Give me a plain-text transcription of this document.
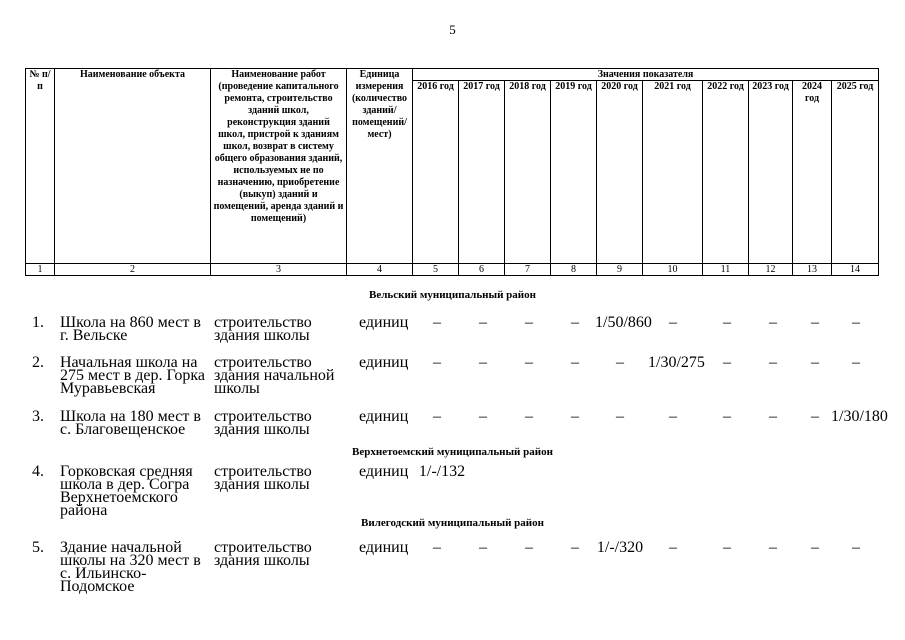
5
№ п/п	Наименование объекта	Наименование работ (проведение капитального ремонта, строительство зданий школ, реконструкция зданий школ, пристрой к зданиям школ, возврат в систему общего образования зданий, используемых не по назначению, приобретение (выкуп) зданий и помещений, аренда зданий и помещений)	Единица измерения (количество зданий/ помещений/ мест)	Значения показателя									
				2016 год	2017 год	2018 год	2019 год	2020 год	2021 год	2022 год	2023 год	2024 год	2025 год
1	2	3	4	5	6	7	8	9	10	11	12	13	14
Вельский муниципальный район
1. Школа на 860 мест в г. Вельске
строительство здания школы
единиц	–	–	–	–	1/50/860	–	–	–	–	–
2. Начальная школа на 275 мест в дер. Горка Муравьевская
строительство здания начальной школы
единиц	–	–	–	–	–	1/30/275	–	–	–	–
3. Школа на 180 мест в с. Благовещенское
строительство здания школы
единиц	–	–	–	–	–	–	–	–	– 1/30/180
Верхнетоемский муниципальный район
4. Горковская средняя школа в дер. Согра Верхнетоемского района
строительство здания школы
единиц 1/-/132
Вилегодский муниципальный район
5. Здание начальной школы на 320 мест в с. Ильинско-Подомское
строительство здания школы
единиц	–	–	–	–	1/-/320	–	–	–	–	–
